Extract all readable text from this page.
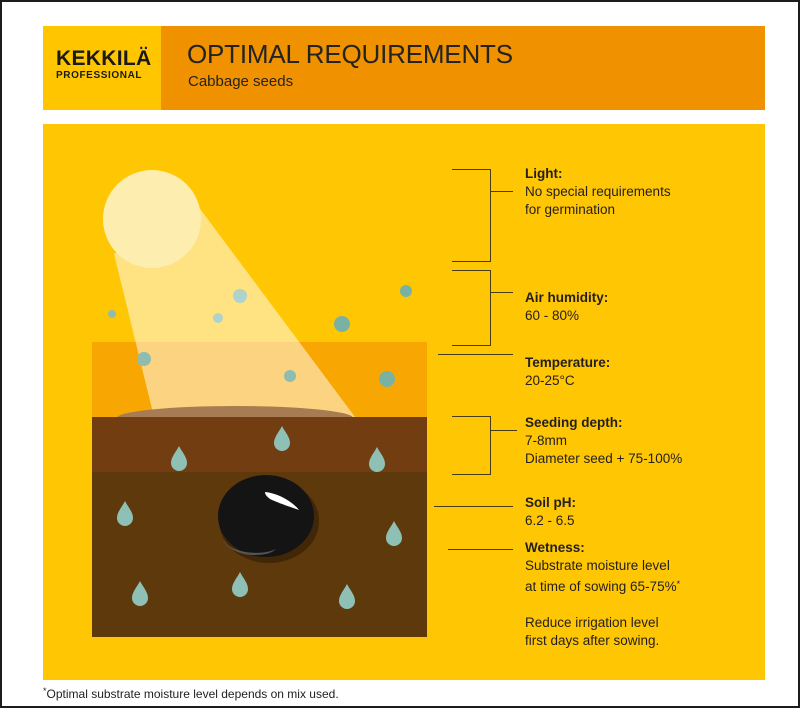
KEKKILÄ
PROFESSIONAL
OPTIMAL REQUIREMENTS
Cabbage seeds
Light:
No special requirements
for germination
Air humidity:
60 - 80%
Temperature:
20-25°C
Seeding depth:
7-8mm
Diameter seed + 75-100%
Soil pH:
6.2 - 6.5
Wetness:
Substrate moisture level
at time of sowing 65-75%*
Reduce irrigation level
first days after sowing.
*Optimal substrate moisture level depends on mix used.
